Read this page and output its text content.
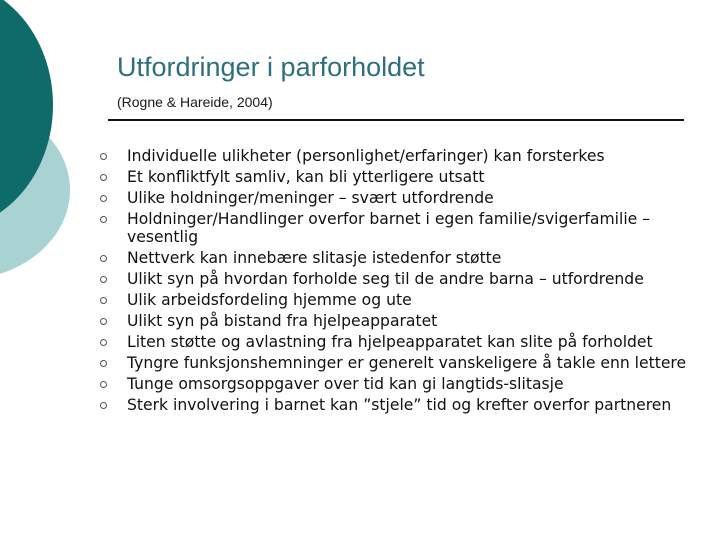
Utfordringer i parforholdet
(Rogne & Hareide, 2004)
Individuelle ulikheter (personlighet/erfaringer) kan forsterkes
Et konfliktfylt samliv, kan bli ytterligere utsatt
Ulike holdninger/meninger – svært utfordrende
Holdninger/Handlinger overfor barnet i egen familie/svigerfamilie – vesentlig
Nettverk kan innebære slitasje istedenfor støtte
Ulikt syn på hvordan forholde seg til de andre barna – utfordrende
Ulik arbeidsfordeling hjemme og ute
Ulikt syn på bistand fra hjelpeapparatet
Liten støtte og avlastning fra hjelpeapparatet kan slite på forholdet
Tyngre funksjonshemninger er generelt vanskeligere å takle enn lettere
Tunge omsorgsoppgaver over tid kan gi langtids-slitasje
Sterk involvering i barnet kan ”stjele” tid og krefter overfor partneren
